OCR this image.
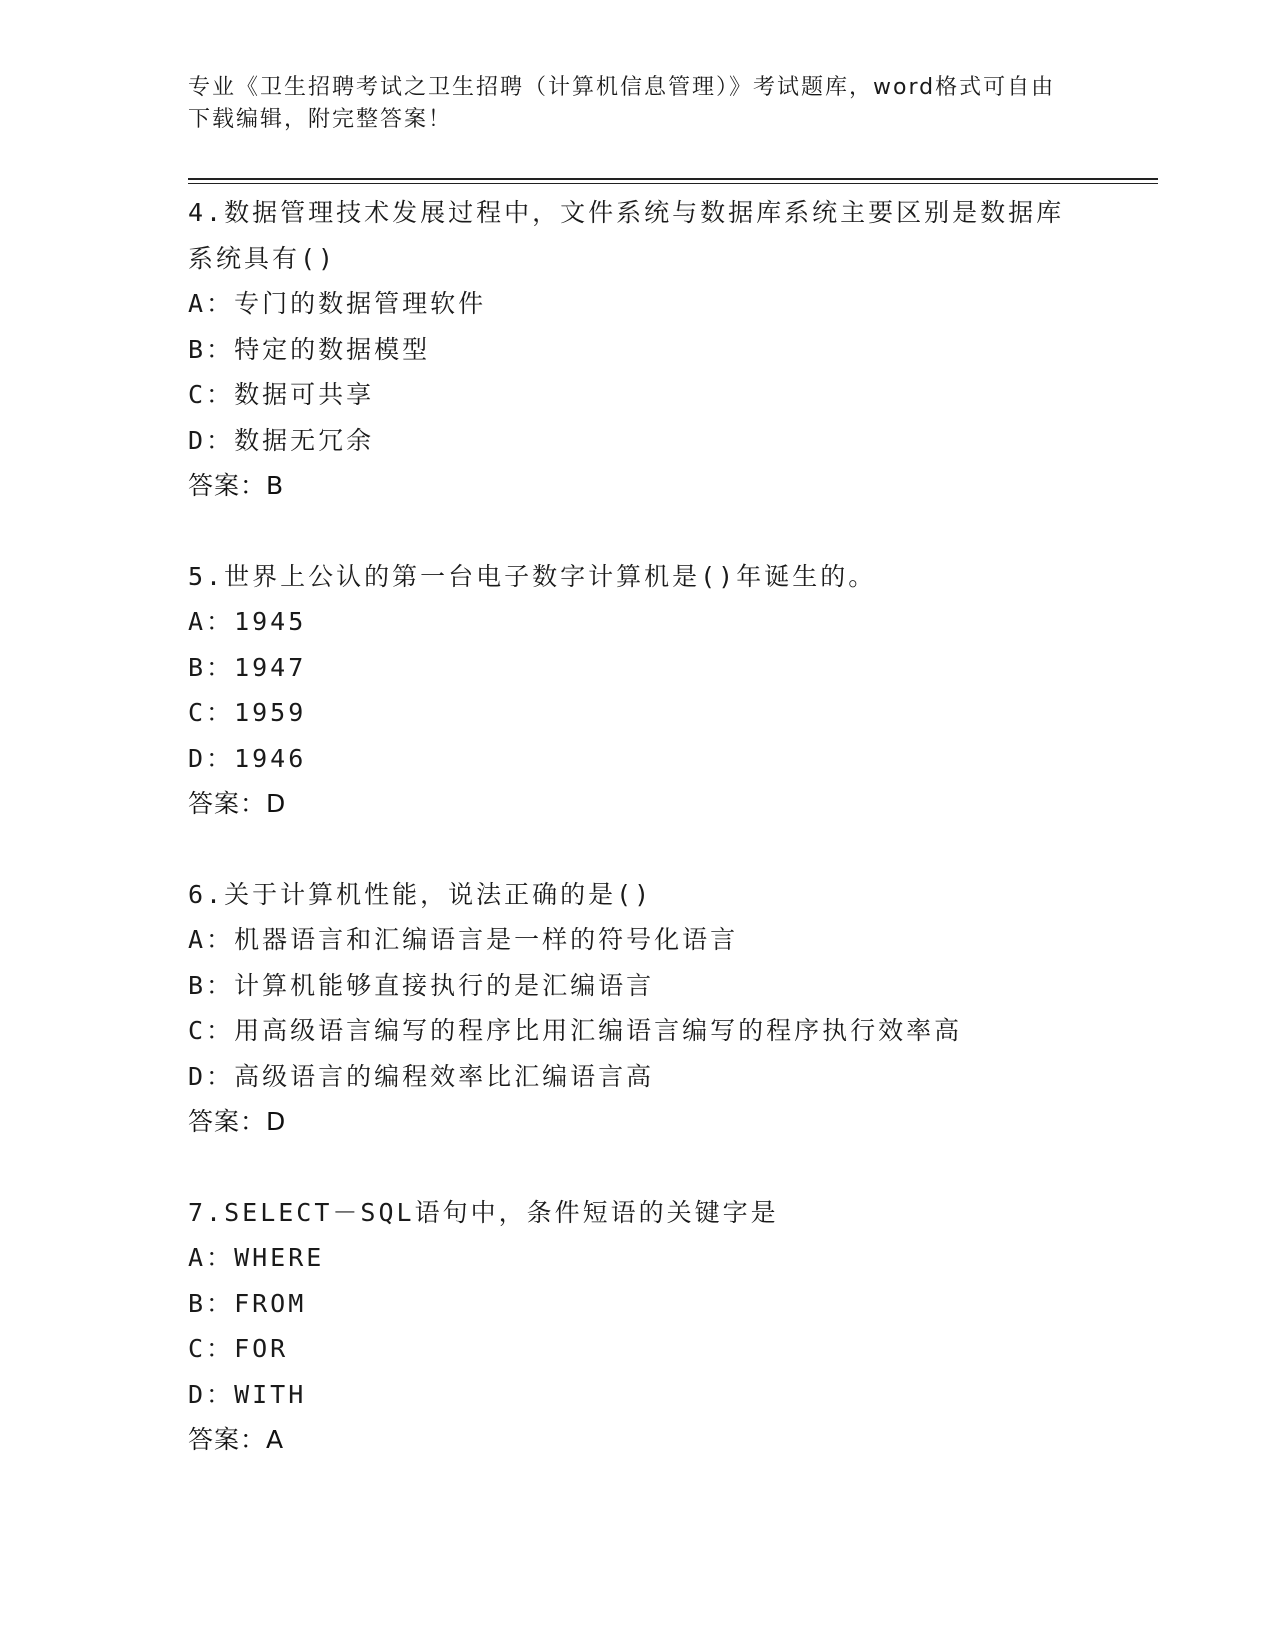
专业《卫生招聘考试之卫生招聘（计算机信息管理）》考试题库，word格式可自由下载编辑，附完整答案！
4.数据管理技术发展过程中，文件系统与数据库系统主要区别是数据库系统具有()
A： 专门的数据管理软件
B： 特定的数据模型
C： 数据可共享
D： 数据无冗余
答案：B
5.世界上公认的第一台电子数字计算机是()年诞生的。
A： 1945
B： 1947
C： 1959
D： 1946
答案：D
6.关于计算机性能，说法正确的是()
A： 机器语言和汇编语言是一样的符号化语言
B： 计算机能够直接执行的是汇编语言
C： 用高级语言编写的程序比用汇编语言编写的程序执行效率高
D： 高级语言的编程效率比汇编语言高
答案：D
7.SELECT－SQL语句中，条件短语的关键字是
A： WHERE
B： FROM
C： FOR
D： WITH
答案：A
